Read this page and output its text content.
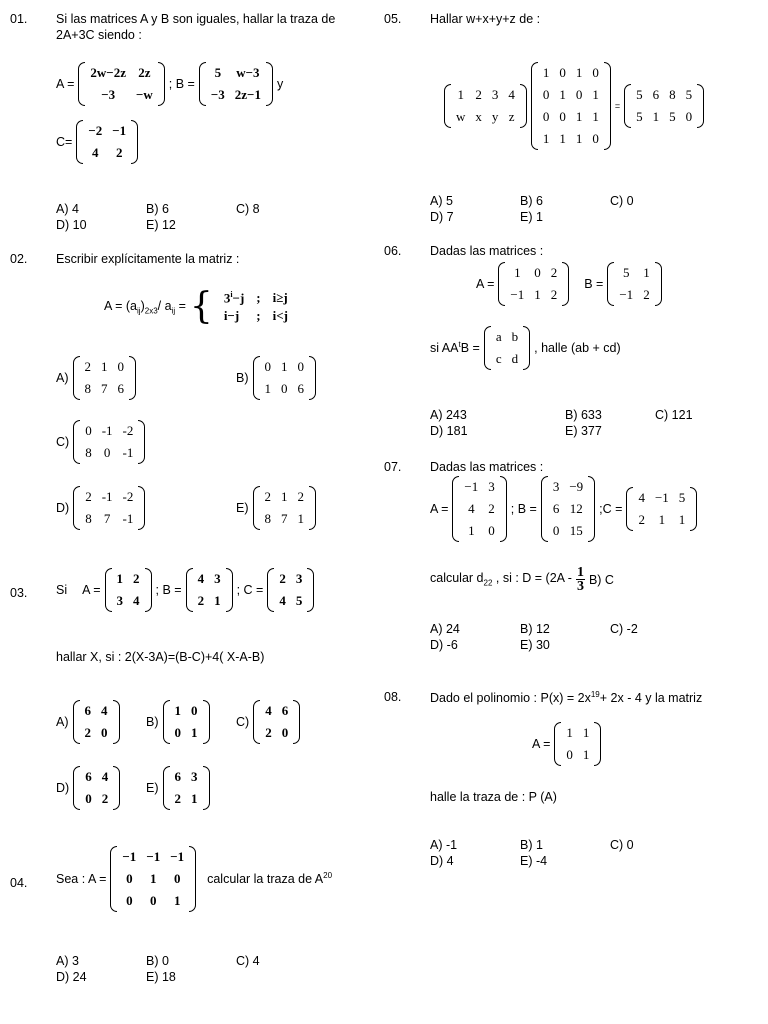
01. Si las matrices A y B son iguales, hallar la traza de
2A+3C siendo :
A =
2w−2z	2z
−3	−w
; B =
5	w−3
−3	2z−1
y
C=
−2	−1
4	2
A) 4	B) 6	C) 8
D) 10	E) 12
02. Escribir explícitamente la matriz :
$A = (a_{ij})_{2x3}/$ $a_{ij}$ = { $3^i-j$	;	i≥j
i−j	;	i<j
A)
2	1	0
8	7	6
B)
0	1	0
1	0	6
C)
0	-1	-2
8	0	-1
D)
2	-1	-2
8	7	-1
E)
2	1	2
8	7	1
03. Si
A =
1	2
3	4
; B =
4	3
2	1
; C =
2	3
4	5
hallar X, si : 2(X-3A)=(B-C)+4( X-A-B)
A)
6	4
2	0
B)
1	0
0	1
C)
4	6
2	0
D)
6	4
0	2
E)
6	3
2	1
04. Sea : A =
−1	−1	−1
0	1	0
0	0	1
calcular la traza de $A^{20}$
A) 3	B) 0	C) 4
D) 24	E) 18
05. Hallar w+x+y+z de :
1	2	3	4
w	x	y	z
1	0	1	0
0	1	0	1
0	0	1	1
1	1	1	0
=
5	6	8	5
5	1	5	0
A) 5	B) 6	C) 0
D) 7	E) 1
06. Dadas las matrices :
A =
1	0	2
−1	1	2

B =
5	1
−1	2
si $AA^tB$ =
a	b
c	d
, halle (ab + cd)
A) 243	B) 633	C) 121
D) 181	E) 377
07. Dadas las matrices :
A =
−1	3
4	2
1	0
; B =
3	−9
6	12
0	15
;C =
4	−1	5
2	1	1
calcular $d_{22}$ , si : $D = (2A - \frac{1}{3} B)$ C
A) 24	B) 12	C) -2
D) -6	E) 30
08. Dado el polinomio : $P(x) = 2x^{19}+ 2x - 4$ y la matriz
A =
1	1
0	1
halle la traza de : P (A)
A) -1	B) 1	C) 0
D) 4	E) -4
